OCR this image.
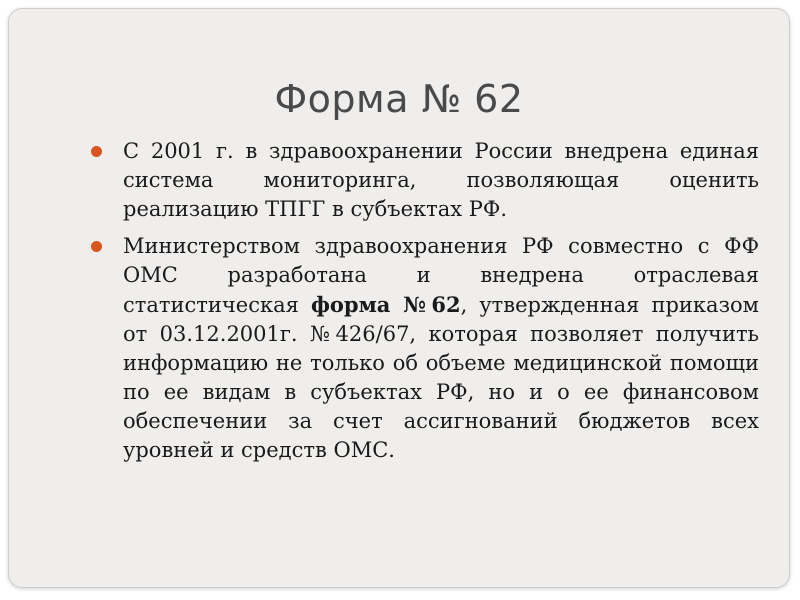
Форма № 62
С 2001 г. в здравоохранении России внедрена единая система мониторинга, позволяющая оценить реализацию ТПГГ в субъектах РФ.
Министерством здравоохранения РФ совместно с ФФ ОМС разработана и внедрена отраслевая статистическая форма №62, утвержденная приказом от 03.12.2001г. №426/67, которая позволяет получить информацию не только об объеме медицинской помощи по ее видам в субъектах РФ, но и о ее финансовом обеспечении за счет ассигнований бюджетов всех уровней и средств ОМС.
